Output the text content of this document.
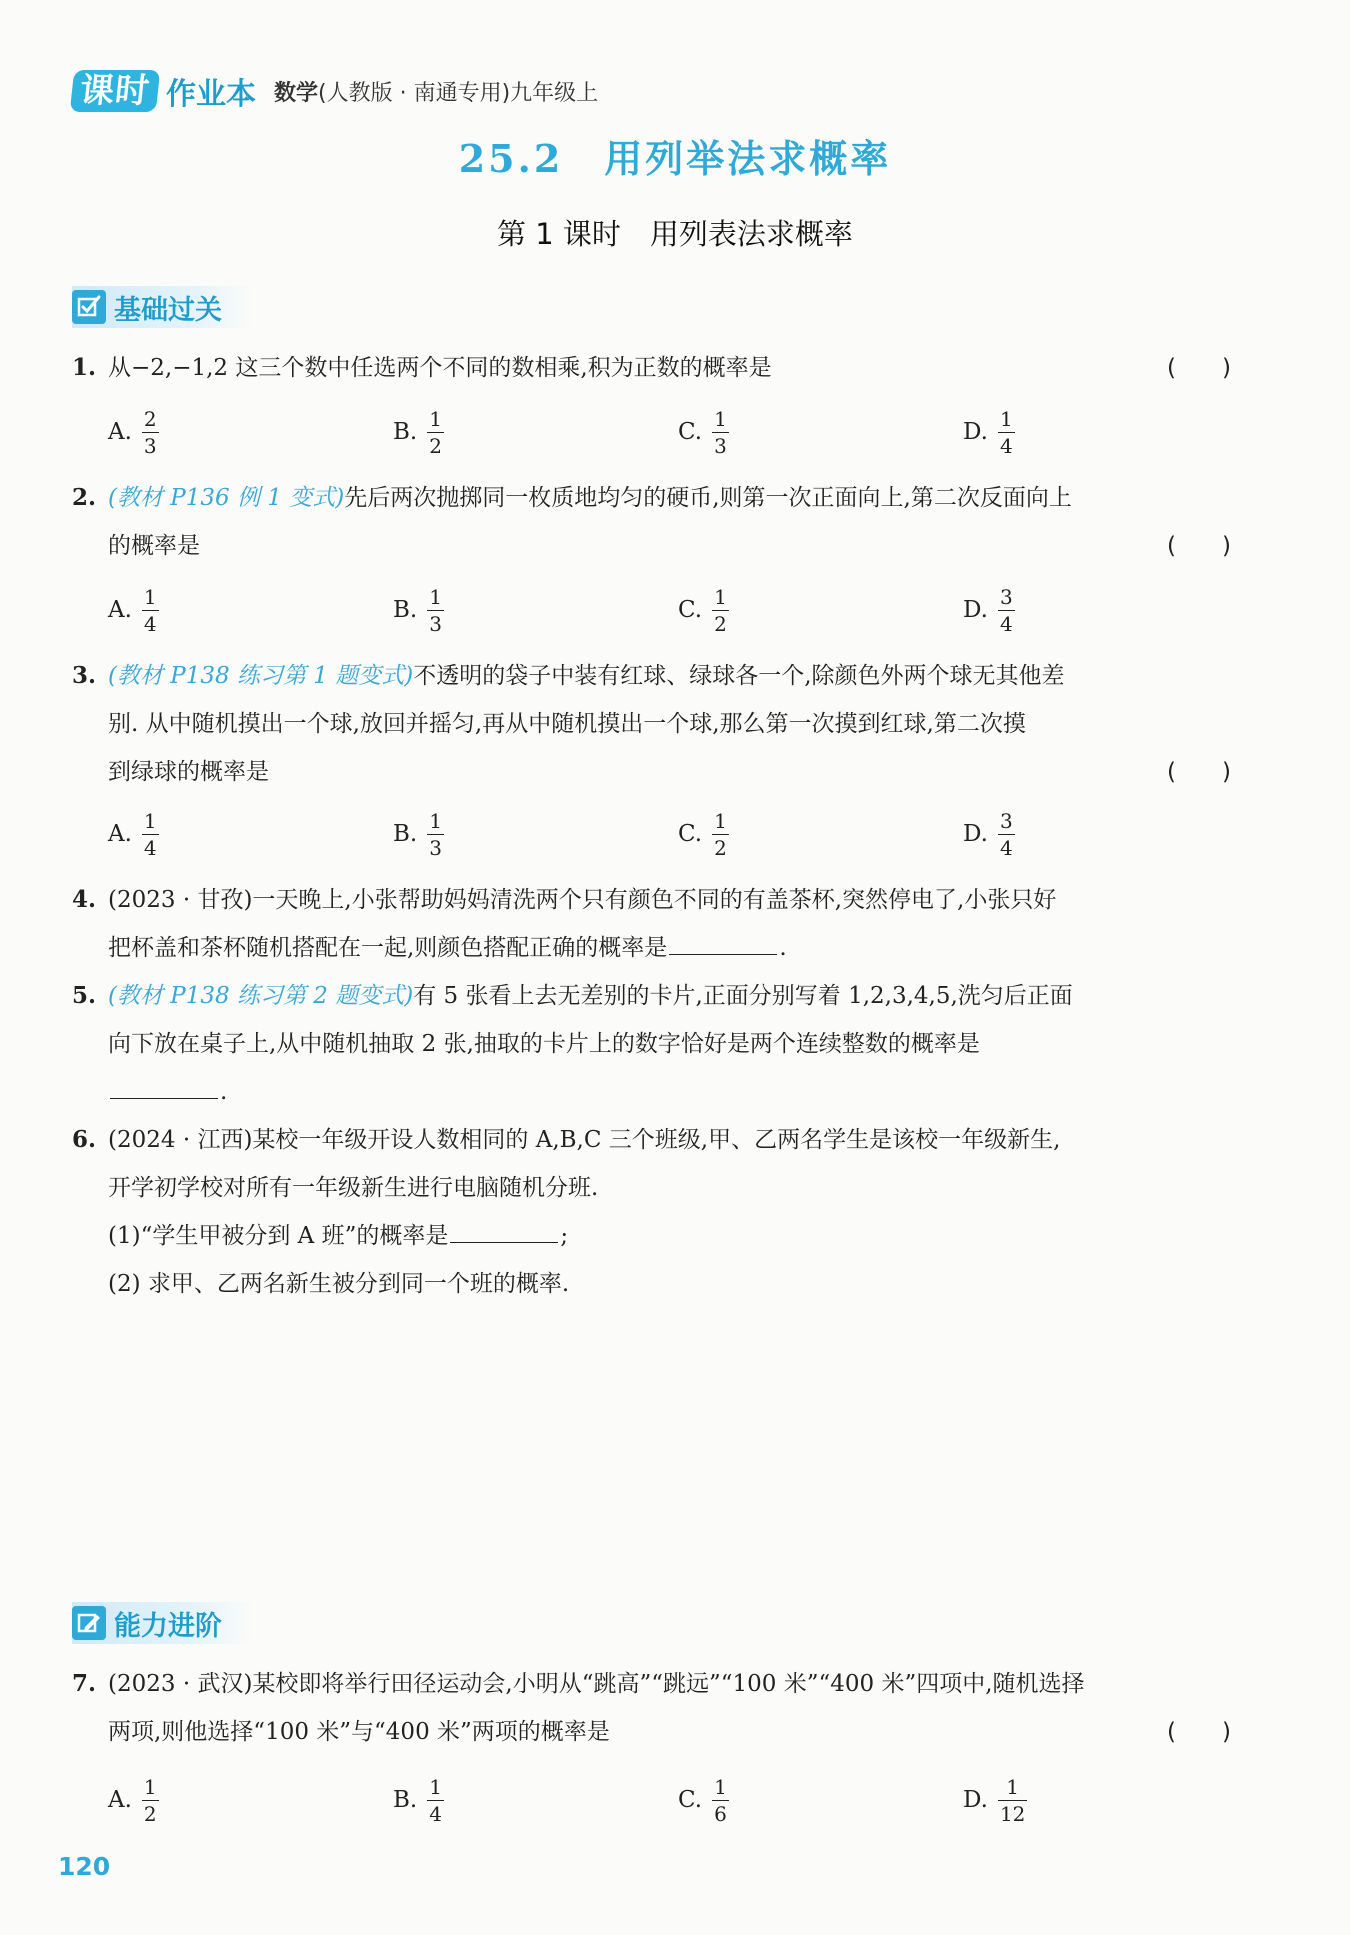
课时 作业本 数学(人教版 · 南通专用)九年级上
25.2　用列举法求概率
第 1 课时　用列表法求概率
基础过关
1. 从−2,−1,2 这三个数中任选两个不同的数相乘,积为正数的概率是	(　　)
A. $\frac{2}{3}$	B. $\frac{1}{2}$	C. $\frac{1}{3}$	D. $\frac{1}{4}$
2. (教材 P136 例 1 变式)先后两次抛掷同一枚质地均匀的硬币,则第一次正面向上,第二次反面向上
的概率是	(　　)
A. $\frac{1}{4}$	B. $\frac{1}{3}$	C. $\frac{1}{2}$	D. $\frac{3}{4}$
3. (教材 P138 练习第 1 题变式)不透明的袋子中装有红球、绿球各一个,除颜色外两个球无其他差
别. 从中随机摸出一个球,放回并摇匀,再从中随机摸出一个球,那么第一次摸到红球,第二次摸
到绿球的概率是	(　　)
A. $\frac{1}{4}$	B. $\frac{1}{3}$	C. $\frac{1}{2}$	D. $\frac{3}{4}$
4. (2023 · 甘孜)一天晚上,小张帮助妈妈清洗两个只有颜色不同的有盖茶杯,突然停电了,小张只好
把杯盖和茶杯随机搭配在一起,则颜色搭配正确的概率是	.
5. (教材 P138 练习第 2 题变式)有 5 张看上去无差别的卡片,正面分别写着 1,2,3,4,5,洗匀后正面
向下放在桌子上,从中随机抽取 2 张,抽取的卡片上的数字恰好是两个连续整数的概率是
.
6. (2024 · 江西)某校一年级开设人数相同的 A,B,C 三个班级,甲、乙两名学生是该校一年级新生,
开学初学校对所有一年级新生进行电脑随机分班.
(1)“学生甲被分到 A 班”的概率是	;
(2) 求甲、乙两名新生被分到同一个班的概率.
能力进阶
7. (2023 · 武汉)某校即将举行田径运动会,小明从“跳高”“跳远”“100 米”“400 米”四项中,随机选择
两项,则他选择“100 米”与“400 米”两项的概率是	(　　)
A. $\frac{1}{2}$	B. $\frac{1}{4}$	C. $\frac{1}{6}$	D. $\frac{1}{12}$
120
